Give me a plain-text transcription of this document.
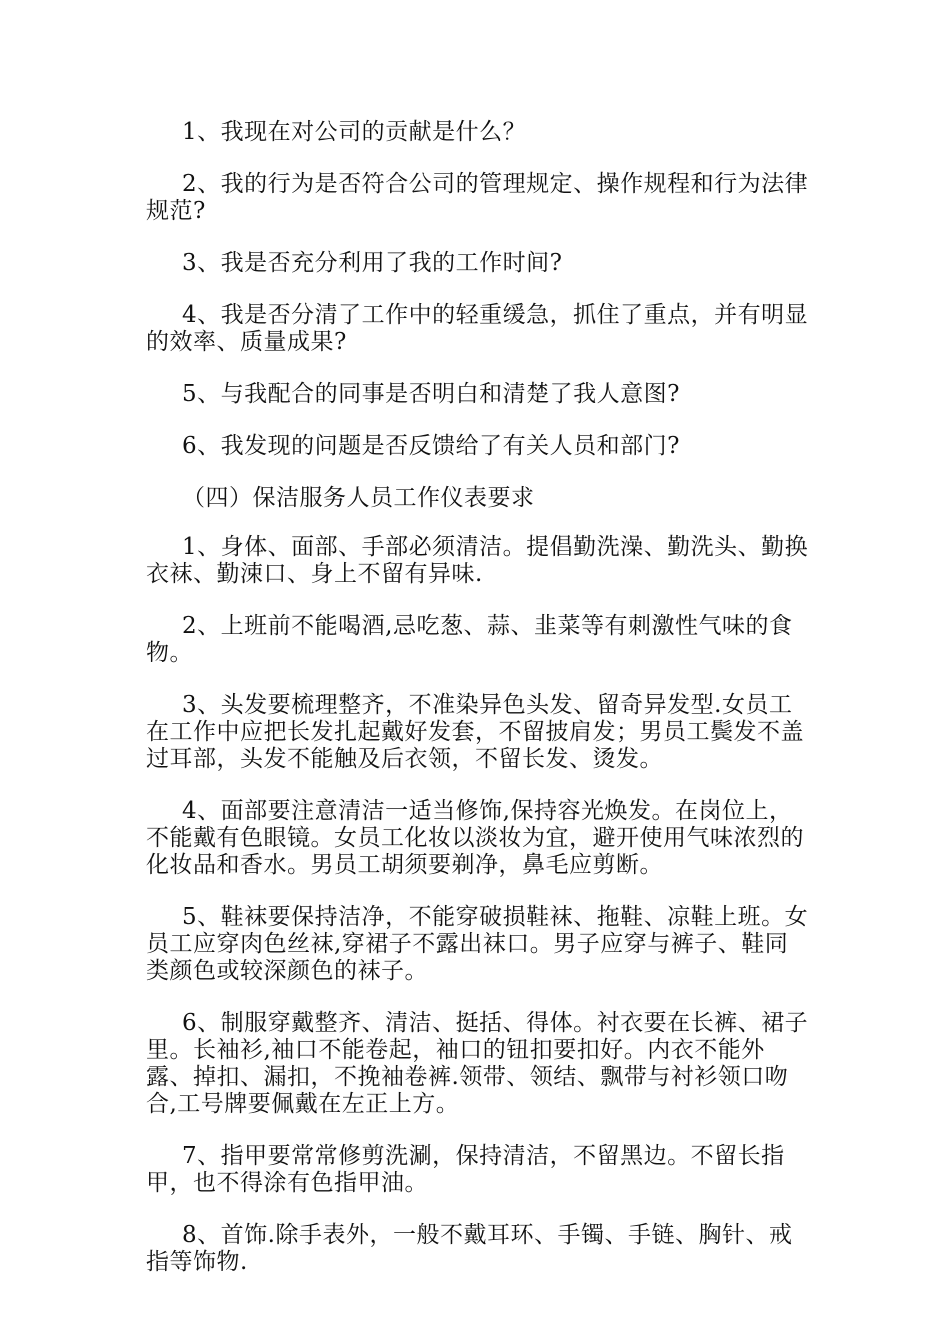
1、我现在对公司的贡献是什么？

2、我的行为是否符合公司的管理规定、操作规程和行为法律规范?

3、我是否充分利用了我的工作时间?

4、我是否分清了工作中的轻重缓急，抓住了重点，并有明显的效率、质量成果?

5、与我配合的同事是否明白和清楚了我人意图?

6、我发现的问题是否反馈给了有关人员和部门?

（四）保洁服务人员工作仪表要求

1、身体、面部、手部必须清洁。提倡勤洗澡、勤洗头、勤换衣袜、勤涑口、身上不留有异味.

2、上班前不能喝酒,忌吃葱、蒜、韭菜等有刺激性气味的食物。

3、头发要梳理整齐，不准染异色头发、留奇异发型.女员工在工作中应把长发扎起戴好发套，不留披肩发；男员工鬓发不盖过耳部，头发不能触及后衣领，不留长发、烫发。

4、面部要注意清洁一适当修饰,保持容光焕发。在岗位上，不能戴有色眼镜。女员工化妆以淡妆为宜，避开使用气味浓烈的化妆品和香水。男员工胡须要剃净，鼻毛应剪断。

5、鞋袜要保持洁净，不能穿破损鞋袜、拖鞋、凉鞋上班。女员工应穿肉色丝袜,穿裙子不露出袜口。男子应穿与裤子、鞋同类颜色或较深颜色的袜子。

6、制服穿戴整齐、清洁、挺括、得体。衬衣要在长裤、裙子里。长袖衫,袖口不能卷起，袖口的钮扣要扣好。内衣不能外露、掉扣、漏扣，不挽袖卷裤.领带、领结、飘带与衬衫领口吻合,工号牌要佩戴在左正上方。

7、指甲要常常修剪洗涮，保持清洁，不留黑边。不留长指甲，也不得涂有色指甲油。

8、首饰.除手表外，一般不戴耳环、手镯、手链、胸针、戒指等饰物.
